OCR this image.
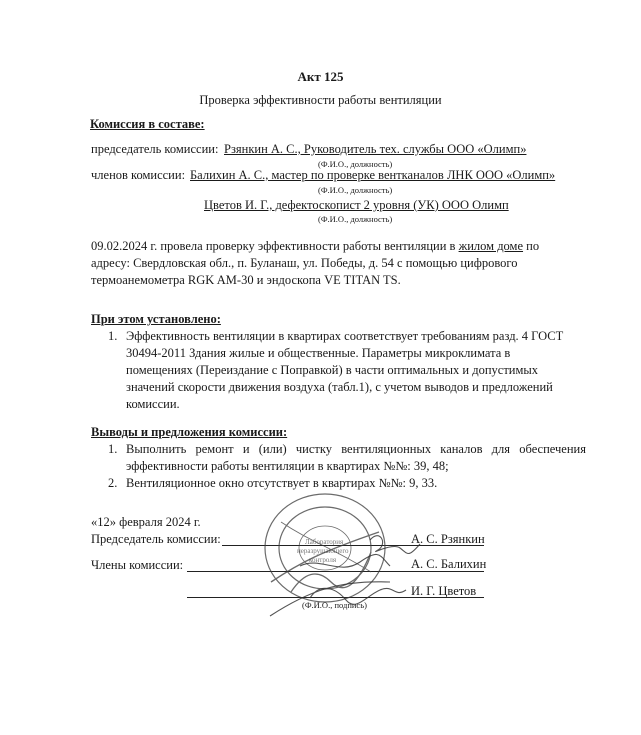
Акт 125
Проверка эффективности работы вентиляции
Комиссия в составе:
председатель комиссии: Рзянкин А. С., Руководитель тех. службы ООО «Олимп»
(Ф.И.О., должность)
членов комиссии: Балихин А. С., мастер по проверке вентканалов ЛНК ООО «Олимп»
(Ф.И.О., должность)
Цветов И. Г., дефектоскопист 2 уровня (УК) ООО Олимп
(Ф.И.О., должность)
09.02.2024 г. провела проверку эффективности работы вентиляции в жилом доме по
адресу: Свердловская обл., п. Буланаш, ул. Победы, д. 54 с помощью цифрового
термоанемометра RGK AM-30 и эндоскопа VE TITAN TS.
При этом установлено:
1. Эффективность вентиляции в квартирах соответствует требованиям разд. 4 ГОСТ
30494-2011 Здания жилые и общественные. Параметры микроклимата в
помещениях (Переиздание с Поправкой) в части оптимальных и допустимых
значений скорости движения воздуха (табл.1), с учетом выводов и предложений
комиссии.
Выводы и предложения комиссии:
1. Выполнить ремонт и (или) чистку вентиляционных каналов для обеспечения
эффективности работы вентиляции в квартирах №№: 39, 48;
2. Вентиляционное окно отсутствует в квартирах №№: 9, 33.
«12» февраля 2024 г.
Председатель комиссии:	А. С. Рзянкин
Члены комиссии:	А. С. Балихин
И. Г. Цветов
(Ф.И.О., подпись)
Лаборатория
неразрушающего
контроля
